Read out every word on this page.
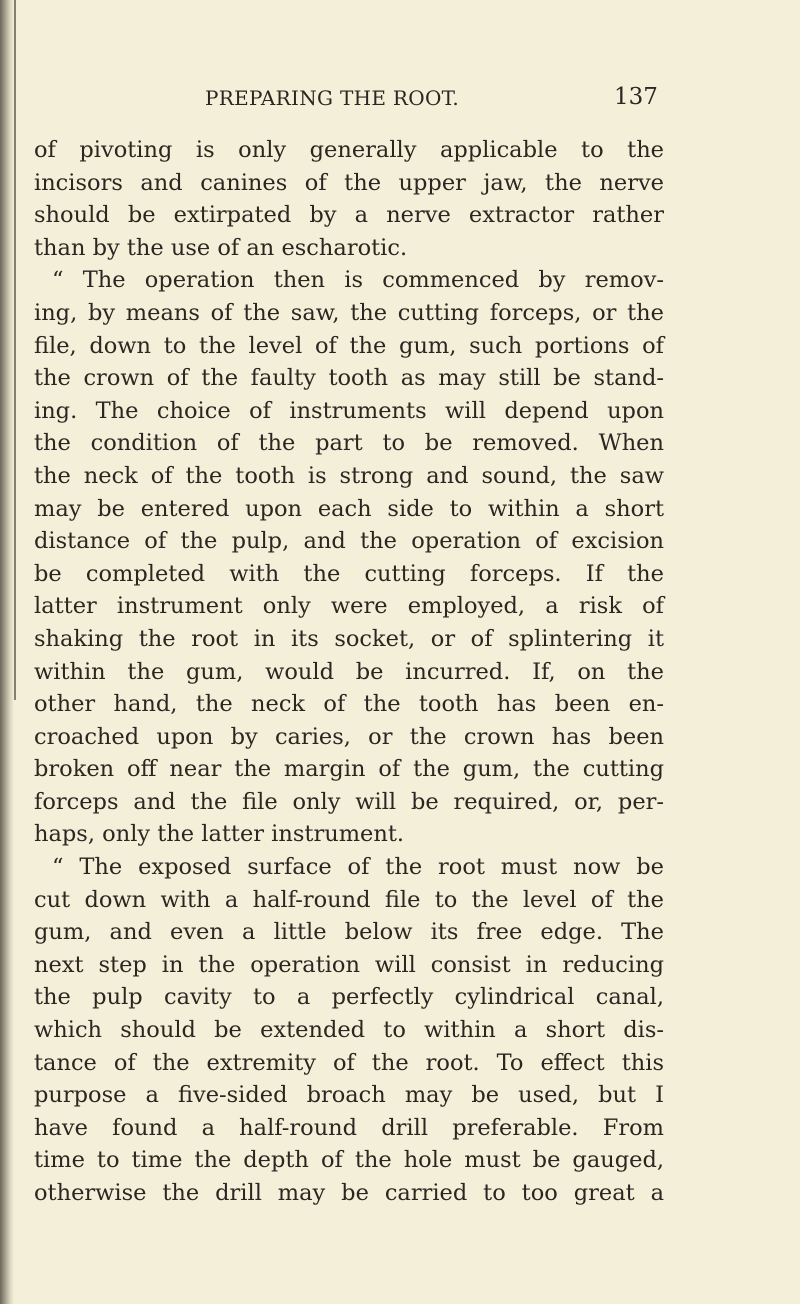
PREPARING THE ROOT.	137
of pivoting is only generally applicable to the
incisors and canines of the upper jaw, the nerve
should be extirpated by a nerve extractor rather
than by the use of an escharotic.
“ The operation then is commenced by remov-
ing, by means of the saw, the cutting forceps, or the
file, down to the level of the gum, such portions of
the crown of the faulty tooth as may still be stand-
ing. The choice of instruments will depend upon
the condition of the part to be removed. When
the neck of the tooth is strong and sound, the saw
may be entered upon each side to within a short
distance of the pulp, and the operation of excision
be completed with the cutting forceps. If the
latter instrument only were employed, a risk of
shaking the root in its socket, or of splintering it
within the gum, would be incurred. If, on the
other hand, the neck of the tooth has been en-
croached upon by caries, or the crown has been
broken off near the margin of the gum, the cutting
forceps and the file only will be required, or, per-
haps, only the latter instrument.
“ The exposed surface of the root must now be
cut down with a half-round file to the level of the
gum, and even a little below its free edge. The
next step in the operation will consist in reducing
the pulp cavity to a perfectly cylindrical canal,
which should be extended to within a short dis-
tance of the extremity of the root. To effect this
purpose a five-sided broach may be used, but I
have found a half-round drill preferable. From
time to time the depth of the hole must be gauged,
otherwise the drill may be carried to too great a
